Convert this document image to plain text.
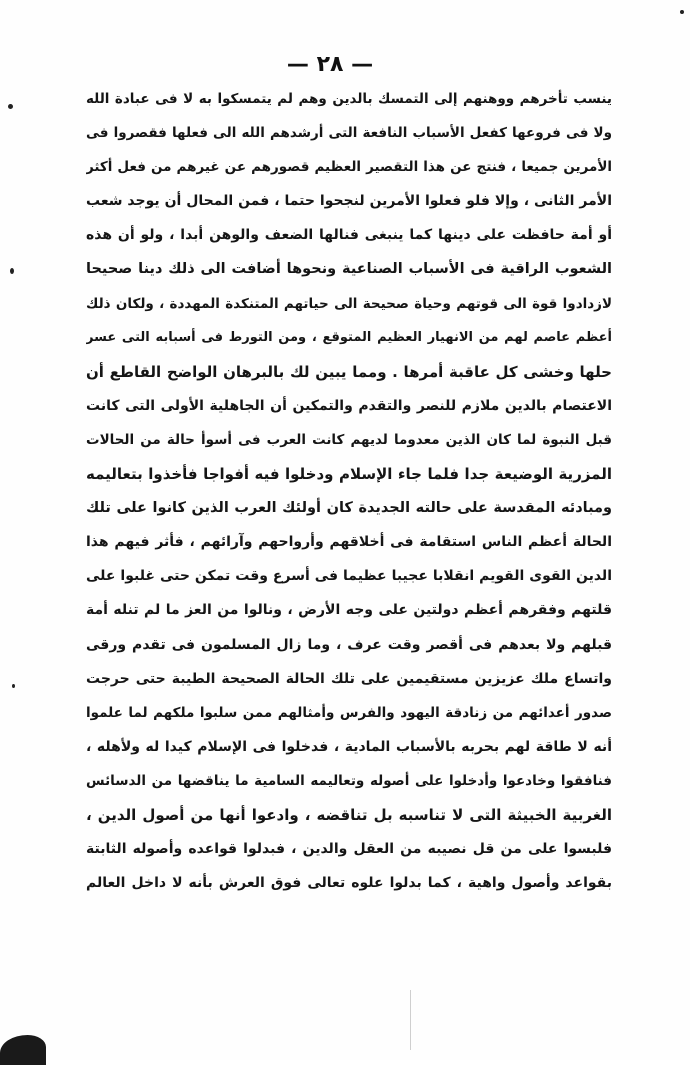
— ٢٨ —
ينسب تأخرهم ووهنهم إلى التمسك بالدين وهم لم يتمسكوا به لا فى عبادة الله
ولا فى فروعها كفعل الأسباب النافعة التى أرشدهم الله الى فعلها فقصروا فى
الأمرين جميعا ، فنتج عن هذا التقصير العظيم قصورهم عن غيرهم من فعل أكثر
الأمر الثانى ، وإلا فلو فعلوا الأمرين لنجحوا حتما ، فمن المحال أن يوجد شعب
أو أمة حافظت على دينها كما ينبغى فنالها الضعف والوهن أبدا ، ولو أن هذه
الشعوب الراقية فى الأسباب الصناعية ونحوها أضافت الى ذلك دينا صحيحا
لازدادوا قوة الى قوتهم وحياة صحيحة الى حياتهم المتنكدة المهددة ، ولكان ذلك
أعظم عاصم لهم من الانهيار العظيم المتوقع ، ومن التورط فى أسبابه التى عسر
حلها وخشى كل عاقبة أمرها . ومما يبين لك بالبرهان الواضح القاطع أن
الاعتصام بالدين ملازم للنصر والتقدم والتمكين أن الجاهلية الأولى التى كانت
قبل النبوة لما كان الذين معدوما لديهم كانت العرب فى أسوأ حالة من الحالات
المزرية الوضيعة جدا فلما جاء الإسلام ودخلوا فيه أفواجا فأخذوا بتعاليمه
ومبادئه المقدسة على حالته الجديدة كان أولئك العرب الذين كانوا على تلك
الحالة أعظم الناس استقامة فى أخلاقهم وأرواحهم وآرائهم ، فأثر فيهم هذا
الدين القوى القويم انقلابا عجيبا عظيما فى أسرع وقت تمكن حتى غلبوا على
قلتهم وفقرهم أعظم دولتين على وجه الأرض ، ونالوا من العز ما لم تنله أمة
قبلهم ولا بعدهم فى أقصر وقت عرف ، وما زال المسلمون فى تقدم ورقى
واتساع ملك عزيزين مستقيمين على تلك الحالة الصحيحة الطيبة حتى حرجت
صدور أعدائهم من زنادقة اليهود والفرس وأمثالهم ممن سلبوا ملكهم لما علموا
أنه لا طاقة لهم بحربه بالأسباب المادية ، فدخلوا فى الإسلام كيدا له ولأهله ،
فنافقوا وخادعوا وأدخلوا على أصوله وتعاليمه السامية ما يناقضها من الدسائس
الغربية الخبيثة التى لا تناسبه بل تناقضه ، وادعوا أنها من أصول الدين ،
فلبسوا على من قل نصيبه من العقل والدين ، فبدلوا قواعده وأصوله الثابتة
بقواعد وأصول واهية ، كما بدلوا علوه تعالى فوق العرش بأنه لا داخل العالم
